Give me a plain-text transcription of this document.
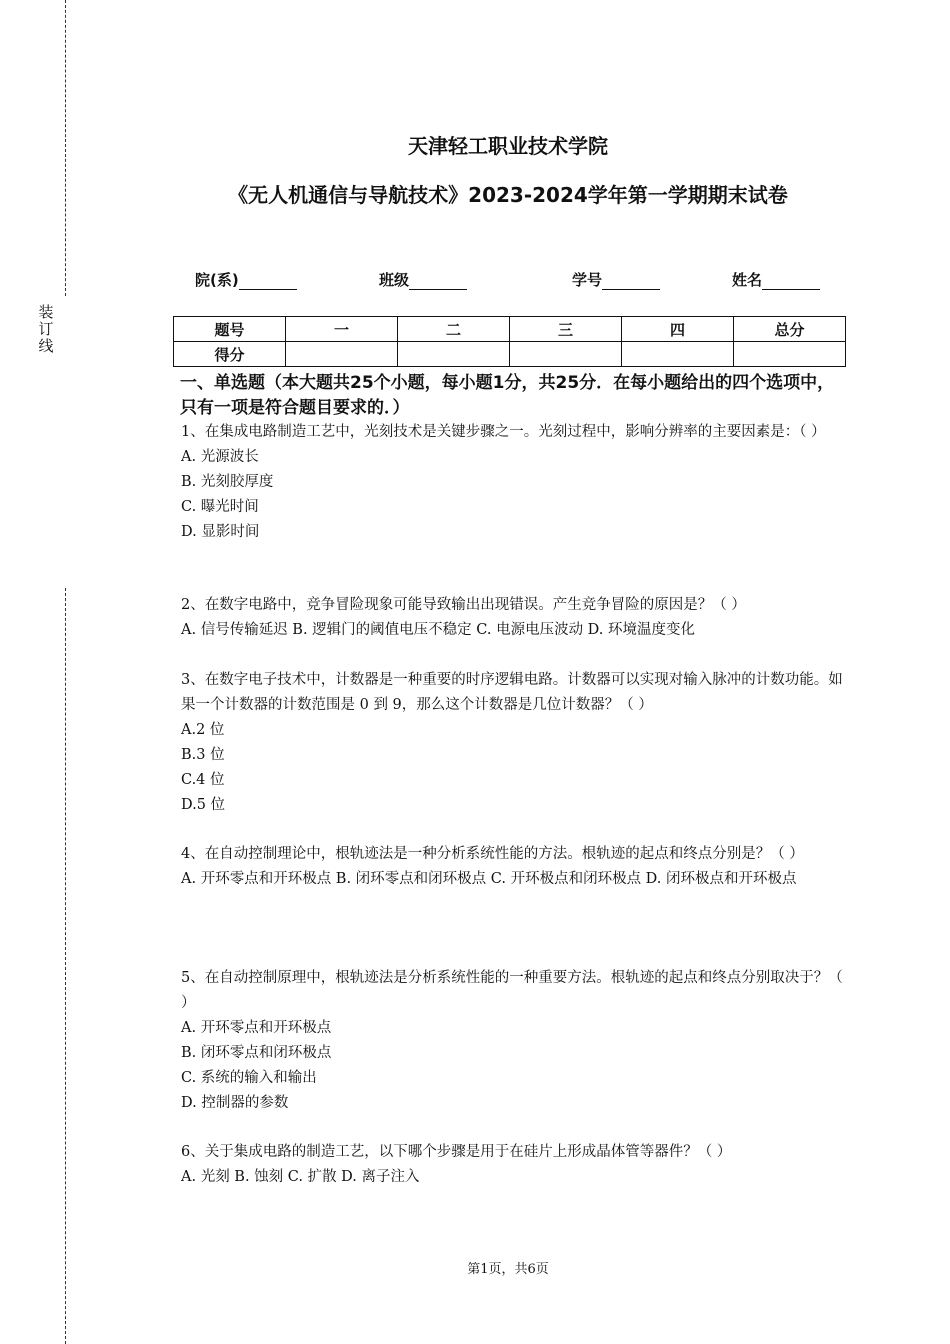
装
订
线
天津轻工职业技术学院
《无人机通信与导航技术》2023-2024学年第一学期期末试卷
院(系)	班级	学号	姓名
题号	一	二	三	四	总分
得分					
一、单选题（本大题共25个小题，每小题1分，共25分．在每小题给出的四个选项中，只有一项是符合题目要求的．）

1、在集成电路制造工艺中，光刻技术是关键步骤之一。光刻过程中，影响分辨率的主要因素是：（ ）

A. 光源波长

B. 光刻胶厚度

C. 曝光时间

D. 显影时间

2、在数字电路中，竞争冒险现象可能导致输出出现错误。产生竞争冒险的原因是？（ ）

A. 信号传输延迟 B. 逻辑门的阈值电压不稳定 C. 电源电压波动 D. 环境温度变化

3、在数字电子技术中，计数器是一种重要的时序逻辑电路。计数器可以实现对输入脉冲的计数功能。如果一个计数器的计数范围是 0 到 9，那么这个计数器是几位计数器？（ ）

A.2 位

B.3 位

C.4 位

D.5 位

4、在自动控制理论中，根轨迹法是一种分析系统性能的方法。根轨迹的起点和终点分别是？（ ）

A. 开环零点和开环极点 B. 闭环零点和闭环极点 C. 开环极点和闭环极点 D. 闭环极点和开环极点

5、在自动控制原理中，根轨迹法是分析系统性能的一种重要方法。根轨迹的起点和终点分别取决于？（ ）

A. 开环零点和开环极点

B. 闭环零点和闭环极点

C. 系统的输入和输出

D. 控制器的参数

6、关于集成电路的制造工艺，以下哪个步骤是用于在硅片上形成晶体管等器件？（ ）

A. 光刻 B. 蚀刻 C. 扩散 D. 离子注入

第1页，共6页
